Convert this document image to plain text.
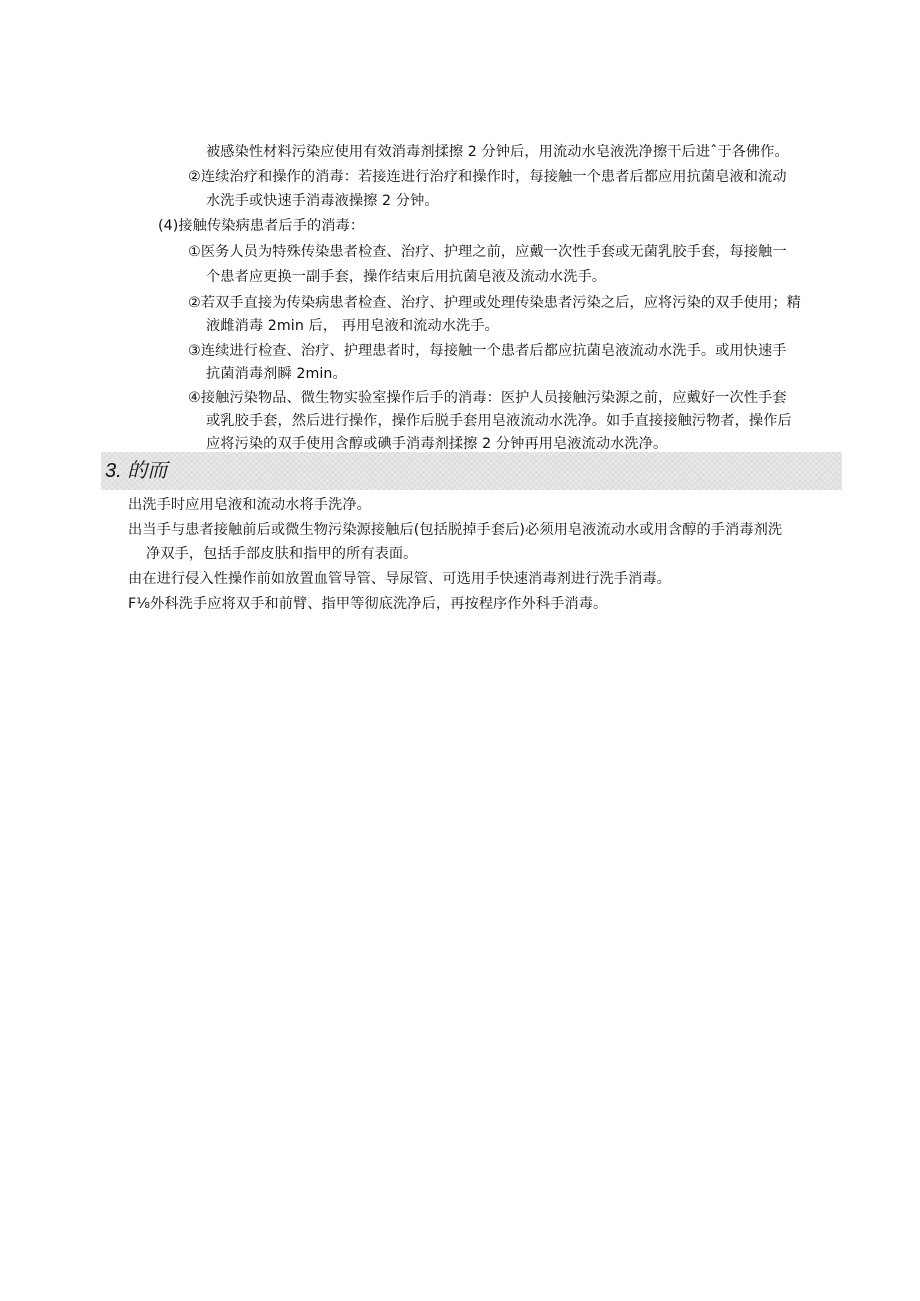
被感染性材料污染应使用有效消毒剂揉擦 2 分钟后，用流动水皂液洗净擦干后进ˆ于各佛作。
②连续治疗和操作的消毒：若接连进行治疗和操作时，每接触一个患者后都应用抗菌皂液和流动
水洗手或快速手消毒液操擦 2 分钟。
(4)接触传染病患者后手的消毒：
①医务人员为特殊传染患者检查、治疗、护理之前，应戴一次性手套或无菌乳胶手套，每接触一
个患者应更换一副手套，操作结束后用抗菌皂液及流动水洗手。
②若双手直接为传染病患者检查、治疗、护理或处理传染患者污染之后，应将污染的双手使用；精
液雌消毒 2min 后， 再用皂液和流动水洗手。
③连续进行检查、治疗、护理患者时，每接触一个患者后都应抗菌皂液流动水洗手。或用快速手
抗菌消毒剂瞬 2min。
④接触污染物品、微生物实验室操作后手的消毒：医护人员接触污染源之前，应戴好一次性手套
或乳胶手套，然后进行操作，操作后脱手套用皂液流动水洗净。如手直接接触污物者，操作后
应将污染的双手使用含醇或碘手消毒剂揉擦 2 分钟再用皂液流动水洗净。
3. 的而
出洗手时应用皂液和流动水将手洗净。
出当手与患者接触前后或微生物污染源接触后(包括脱掉手套后)必须用皂液流动水或用含醇的手消毒剂洗
净双手，包括手部皮肤和指甲的所有表面。
由在进行侵入性操作前如放置血管导管、导尿管、可选用手快速消毒剂进行洗手消毒。
F⅛外科洗手应将双手和前臂、指甲等彻底洗净后，再按程序作外科手消毒。
